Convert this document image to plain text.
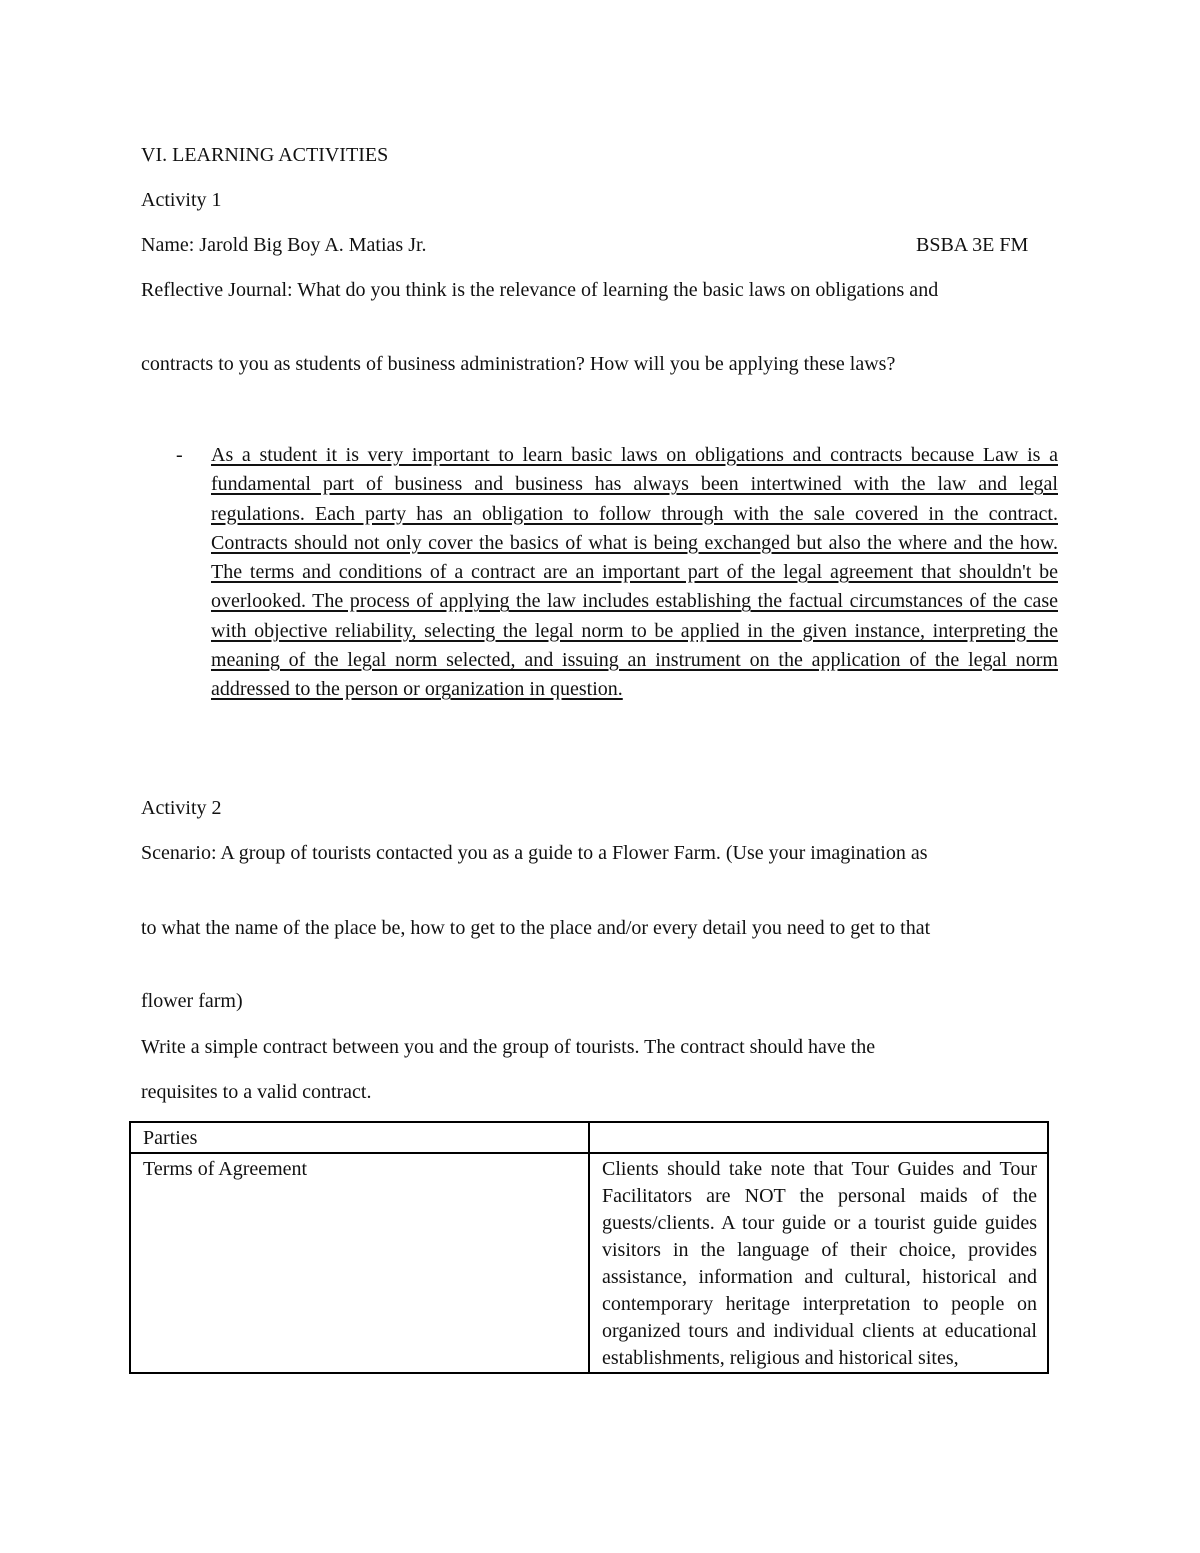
VI. LEARNING ACTIVITIES
Activity 1
Name: Jarold Big Boy A. Matias Jr.	BSBA 3E FM
Reflective Journal: What do you think is the relevance of learning the basic laws on obligations and
contracts to you as students of business administration? How will you be applying these laws?
- As a student it is very important to learn basic laws on obligations and contracts because Law is a fundamental part of business and business has always been intertwined with the law and legal regulations. Each party has an obligation to follow through with the sale covered in the contract. Contracts should not only cover the basics of what is being exchanged but also the where and the how. The terms and conditions of a contract are an important part of the legal agreement that shouldn't be overlooked. The process of applying the law includes establishing the factual circumstances of the case with objective reliability, selecting the legal norm to be applied in the given instance, interpreting the meaning of the legal norm selected, and issuing an instrument on the application of the legal norm addressed to the person or organization in question.
Activity 2
Scenario: A group of tourists contacted you as a guide to a Flower Farm. (Use your imagination as
to what the name of the place be, how to get to the place and/or every detail you need to get to that
flower farm)
Write a simple contract between you and the group of tourists. The contract should have the
requisites to a valid contract.
Parties	
Terms of Agreement	Clients should take note that Tour Guides and Tour Facilitators are NOT the personal maids of the guests/clients. A tour guide or a tourist guide guides visitors in the language of their choice, provides assistance, information and cultural, historical and contemporary heritage interpretation to people on organized tours and individual clients at educational establishments, religious and historical sites,
